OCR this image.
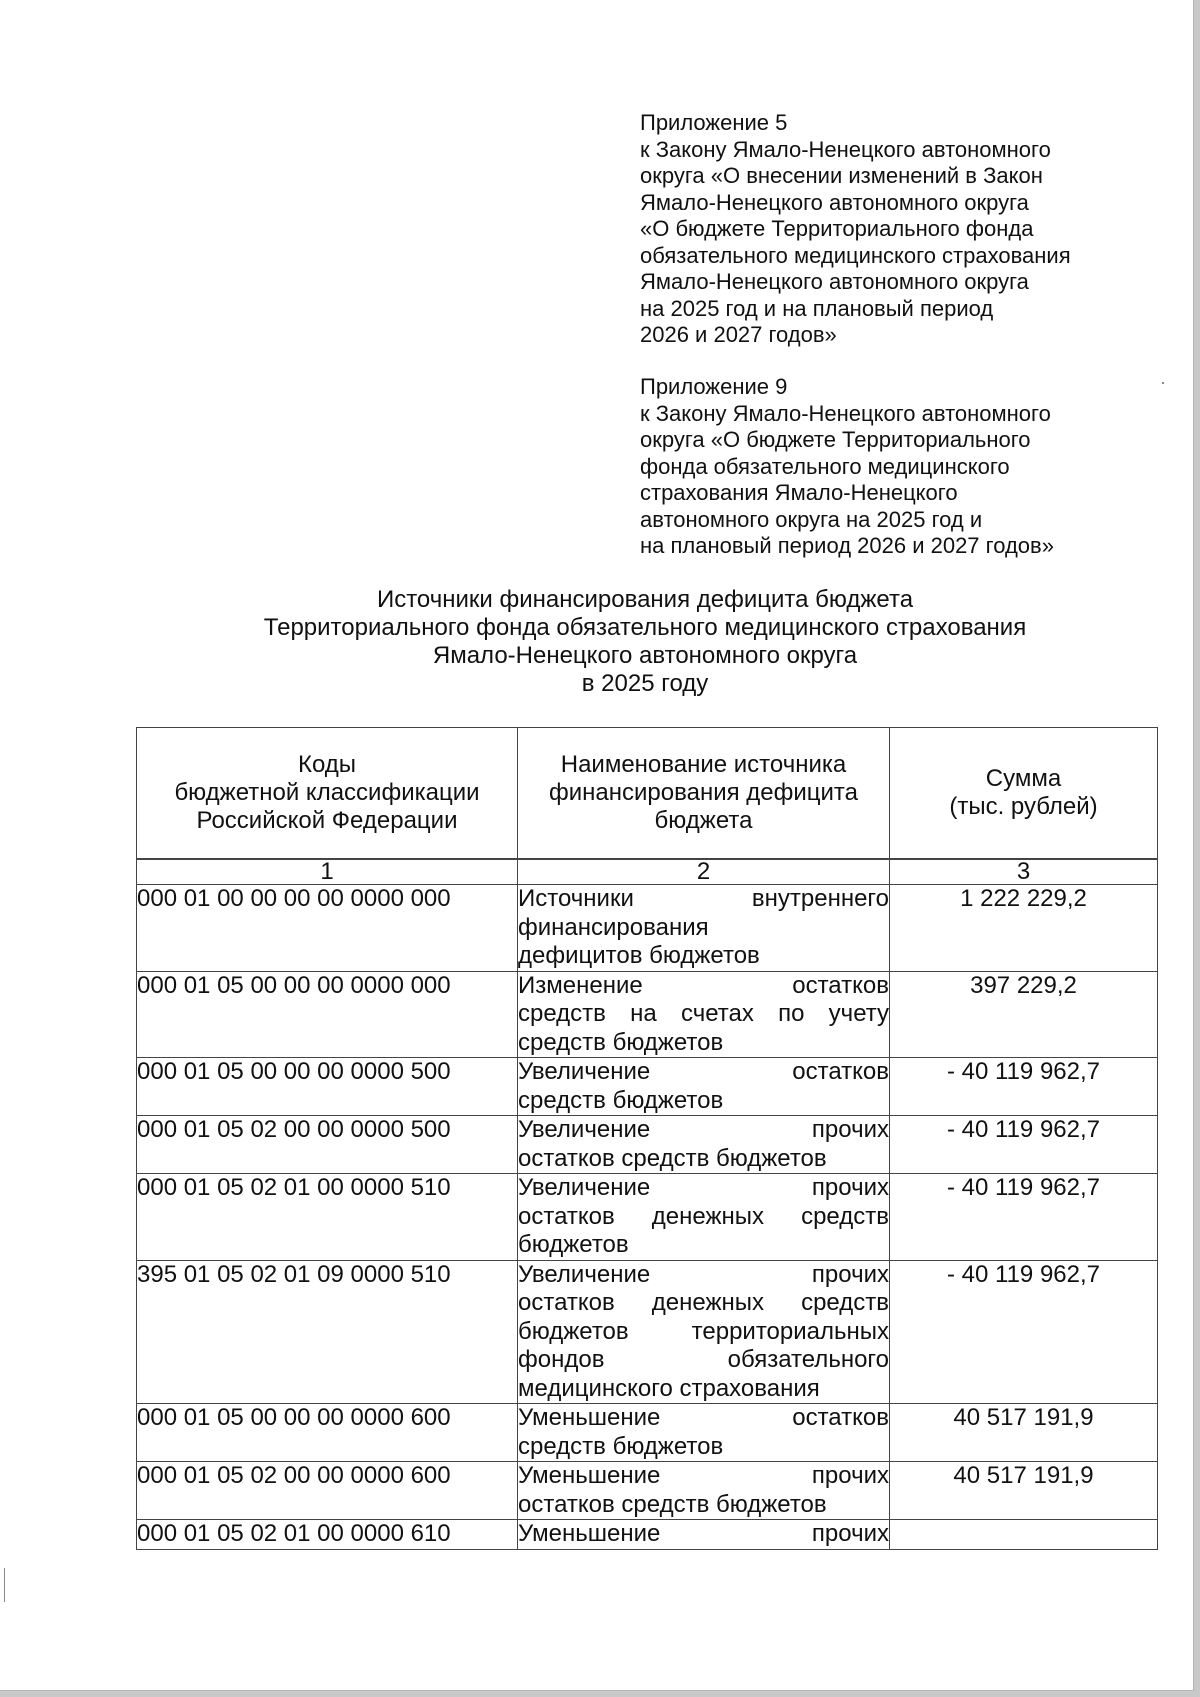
Приложение 5
к Закону Ямало-Ненецкого автономного
округа «О внесении изменений в Закон
Ямало-Ненецкого автономного округа
«О бюджете Территориального фонда
обязательного медицинского страхования
Ямало-Ненецкого автономного округа
на 2025 год и на плановый период
2026 и 2027 годов»
Приложение 9
к Закону Ямало-Ненецкого автономного
округа «О бюджете Территориального
фонда обязательного медицинского
страхования Ямало-Ненецкого
автономного округа на 2025 год и
на плановый период 2026 и 2027 годов»
Источники финансирования дефицита бюджета
Территориального фонда обязательного медицинского страхования
Ямало-Ненецкого автономного округа
в 2025 году
Коды
бюджетной классификации
Российской Федерации	Наименование источника
финансирования дефицита
бюджета	Сумма
(тыс. рублей)

1	2	3
000 01 00 00 00 00 0000 000	Источники внутреннего
финансирования
дефицитов бюджетов	1 222 229,2
000 01 05 00 00 00 0000 000	Изменение остатков
средств на счетах по учету
средств бюджетов	397 229,2
000 01 05 00 00 00 0000 500	Увеличение остатков
средств бюджетов	- 40 119 962,7
000 01 05 02 00 00 0000 500	Увеличение прочих
остатков средств бюджетов	- 40 119 962,7
000 01 05 02 01 00 0000 510	Увеличение прочих
остатков денежных средств
бюджетов	- 40 119 962,7
395 01 05 02 01 09 0000 510	Увеличение прочих
остатков денежных средств
бюджетов территориальных
фондов обязательного
медицинского страхования	- 40 119 962,7
000 01 05 00 00 00 0000 600	Уменьшение остатков
средств бюджетов	40 517 191,9
000 01 05 02 00 00 0000 600	Уменьшение прочих
остатков средств бюджетов	40 517 191,9
000 01 05 02 01 00 0000 610	Уменьшение прочих	
